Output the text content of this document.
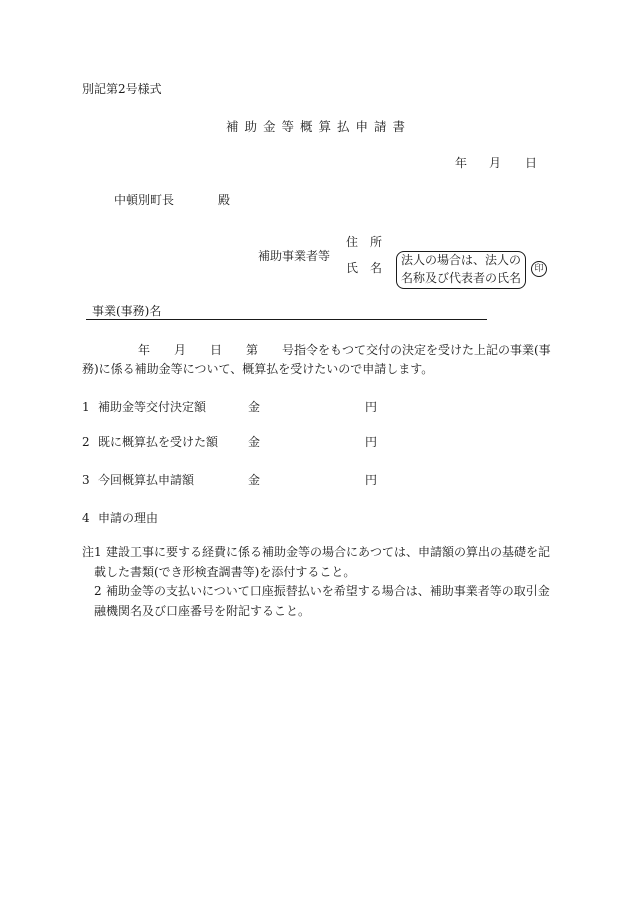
別記第2号様式
補助金等概算払申請書
年 月 日
中頓別町長	殿
住　所
補助事業者等
氏　名
法人の場合は、法人の
名称及び代表者の氏名
印
事業(事務)名
年　　月　　日　　第　　号指令をもつて交付の決定を受けた上記の事業(事
務)に係る補助金等について、概算払を受けたいので申請します。
1 補助金等交付決定額	金	円
2 既に概算払を受けた額 金	円
3 今回概算払申請額	金	円
4 申請の理由
注1 建設工事に要する経費に係る補助金等の場合にあつては、申請額の算出の基礎を記
載した書類(でき形検査調書等)を添付すること。
2 補助金等の支払いについて口座振替払いを希望する場合は、補助事業者等の取引金
融機関名及び口座番号を附記すること。
